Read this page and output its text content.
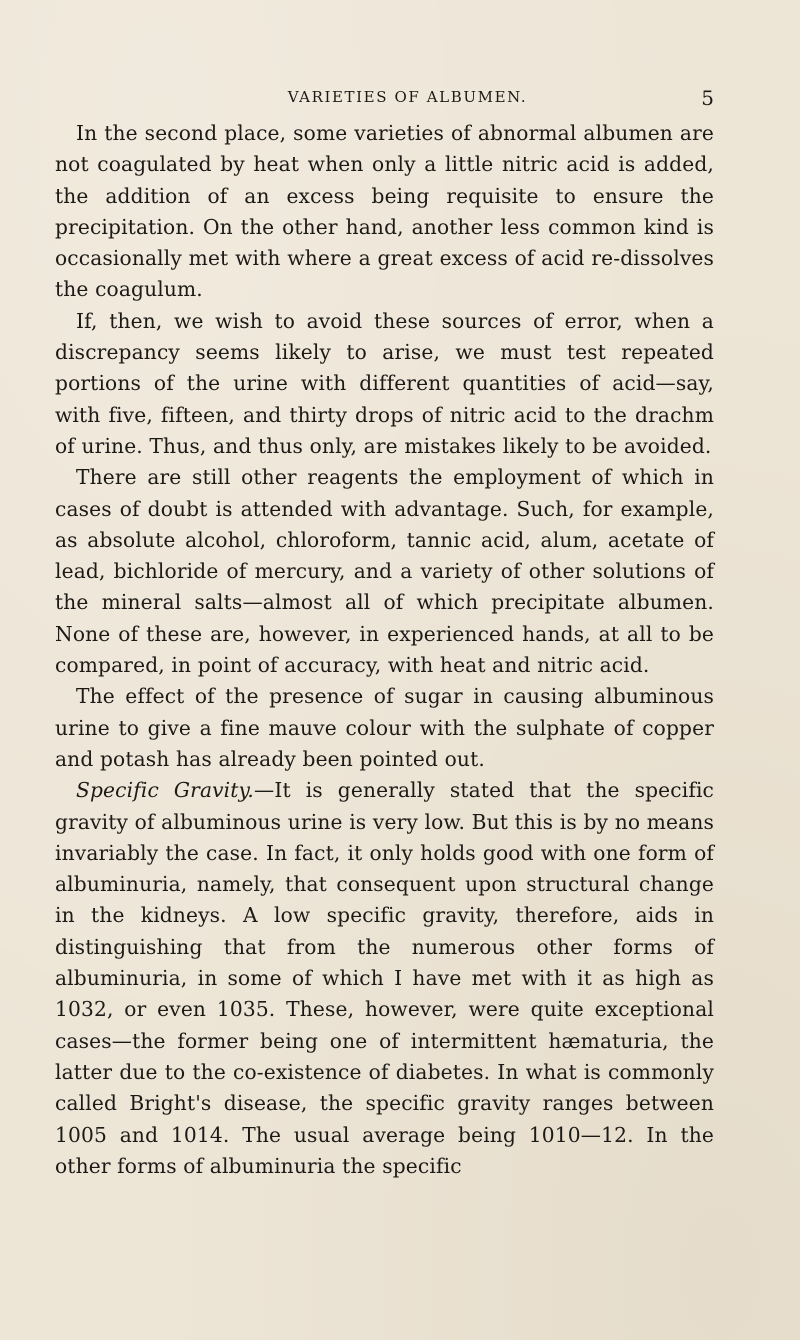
VARIETIES OF ALBUMEN.	5

In the second place, some varieties of abnormal albumen are not coagulated by heat when only a little nitric acid is added, the addition of an excess being requisite to ensure the precipitation. On the other hand, another less common kind is occasionally met with where a great excess of acid re-dissolves the coagulum.

If, then, we wish to avoid these sources of error, when a discrepancy seems likely to arise, we must test repeated portions of the urine with different quantities of acid—say, with five, fifteen, and thirty drops of nitric acid to the drachm of urine. Thus, and thus only, are mistakes likely to be avoided.

There are still other reagents the employment of which in cases of doubt is attended with advantage. Such, for example, as absolute alcohol, chloroform, tannic acid, alum, acetate of lead, bichloride of mercury, and a variety of other solutions of the mineral salts—almost all of which precipitate albumen. None of these are, however, in experienced hands, at all to be compared, in point of accuracy, with heat and nitric acid.

The effect of the presence of sugar in causing albuminous urine to give a fine mauve colour with the sulphate of copper and potash has already been pointed out.

Specific Gravity.—It is generally stated that the specific gravity of albuminous urine is very low. But this is by no means invariably the case. In fact, it only holds good with one form of albuminuria, namely, that consequent upon structural change in the kidneys. A low specific gravity, therefore, aids in distinguishing that from the numerous other forms of albuminuria, in some of which I have met with it as high as 1032, or even 1035. These, however, were quite exceptional cases—the former being one of intermittent hæmaturia, the latter due to the co-existence of diabetes. In what is commonly called Bright's disease, the specific gravity ranges between 1005 and 1014. The usual average being 1010—12. In the other forms of albuminuria the specific
